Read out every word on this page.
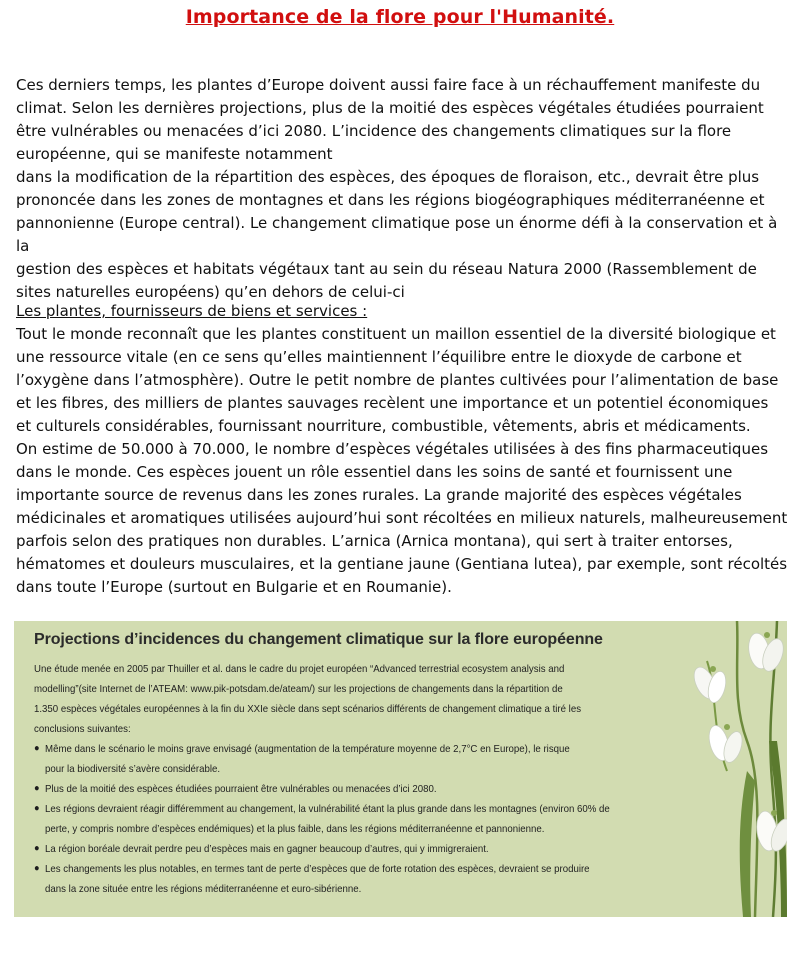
Importance de la flore pour l'Humanité.

Ces derniers temps, les plantes d’Europe doivent aussi faire face à un réchauffement manifeste du

climat. Selon les dernières projections, plus de la moitié des espèces végétales étudiées pourraient

être vulnérables ou menacées d’ici 2080. L’incidence des changements climatiques sur la flore

européenne, qui se manifeste notamment

dans la modification de la répartition des espèces, des époques de floraison, etc., devrait être plus

prononcée dans les zones de montagnes et dans les régions biogéographiques méditerranéenne et

pannonienne (Europe central). Le changement climatique pose un énorme défi à la conservation et à la

gestion des espèces et habitats végétaux tant au sein du réseau Natura 2000 (Rassemblement de

sites naturelles européens) qu’en dehors de celui-ci

Les plantes, fournisseurs de biens et services :

Tout le monde reconnaît que les plantes constituent un maillon essentiel de la diversité biologique et

une ressource vitale (en ce sens qu’elles maintiennent l’équilibre entre le dioxyde de carbone et

l’oxygène dans l’atmosphère). Outre le petit nombre de plantes cultivées pour l’alimentation de base

et les fibres, des milliers de plantes sauvages recèlent une importance et un potentiel économiques

et culturels considérables, fournissant nourriture, combustible, vêtements, abris et médicaments.

On estime de 50.000 à 70.000, le nombre d’espèces végétales utilisées à des fins pharmaceutiques

dans le monde. Ces espèces jouent un rôle essentiel dans les soins de santé et fournissent une

importante source de revenus dans les zones rurales. La grande majorité des espèces végétales

médicinales et aromatiques utilisées aujourd’hui sont récoltées en milieux naturels, malheureusement

parfois selon des pratiques non durables. L’arnica (Arnica montana), qui sert à traiter entorses,

hématomes et douleurs musculaires, et la gentiane jaune (Gentiana lutea), par exemple, sont récoltés

dans toute l’Europe (surtout en Bulgarie et en Roumanie).

Projections d’incidences du changement climatique sur la flore européenne
Une étude menée en 2005 par Thuiller et al. dans le cadre du projet européen “Advanced terrestrial ecosystem analysis and
modelling”(site Internet de l’ATEAM: www.pik-potsdam.de/ateam/) sur les projections de changements dans la répartition de
1.350 espèces végétales européennes à la fin du XXIe siècle dans sept scénarios différents de changement climatique a tiré les
conclusions suivantes:
● Même dans le scénario le moins grave envisagé (augmentation de la température moyenne de 2,7°C en Europe), le risque
pour la biodiversité s’avère considérable.
● Plus de la moitié des espèces étudiées pourraient être vulnérables ou menacées d’ici 2080.
● Les régions devraient réagir différemment au changement, la vulnérabilité étant la plus grande dans les montagnes (environ 60% de
perte, y compris nombre d’espèces endémiques) et la plus faible, dans les régions méditerranéenne et pannonienne.
● La région boréale devrait perdre peu d’espèces mais en gagner beaucoup d’autres, qui y immigreraient.
● Les changements les plus notables, en termes tant de perte d’espèces que de forte rotation des espèces, devraient se produire
dans la zone située entre les régions méditerranéenne et euro-sibérienne.
